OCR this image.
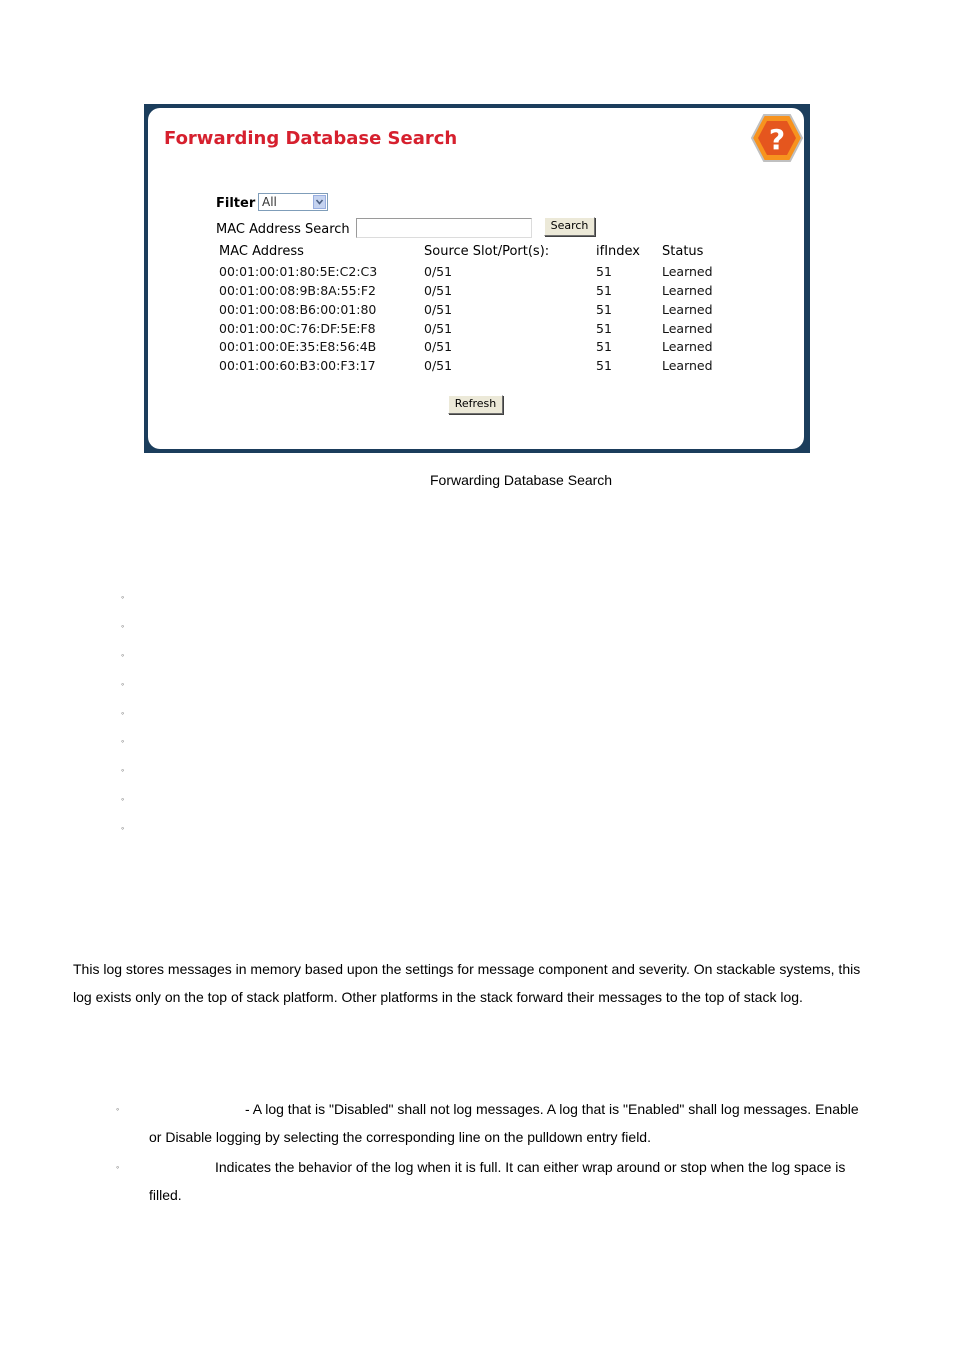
Forwarding Database Search	?
Filter All
MAC Address Search	Search
MAC Address	Source Slot/Port(s):	ifIndex Status
00:01:00:01:80:5E:C2:C3	0/51	51	Learned
00:01:00:08:9B:8A:55:F2	0/51	51	Learned
00:01:00:08:B6:00:01:80	0/51	51	Learned
00:01:00:0C:76:DF:5E:F8	0/51	51	Learned
00:01:00:0E:35:E8:56:4B	0/51	51	Learned
00:01:00:60:B3:00:F3:17	0/51	51	Learned
Refresh
Forwarding Database Search
◦
◦
◦
◦
◦
◦
◦
◦
◦
This log stores messages in memory based upon the settings for message component and severity. On stackable systems, this
log exists only on the top of stack platform. Other platforms in the stack forward their messages to the top of stack log.
◦	- A log that is "Disabled" shall not log messages. A log that is "Enabled" shall log messages. Enable
or Disable logging by selecting the corresponding line on the pulldown entry field.
◦	Indicates the behavior of the log when it is full. It can either wrap around or stop when the log space is
filled.
